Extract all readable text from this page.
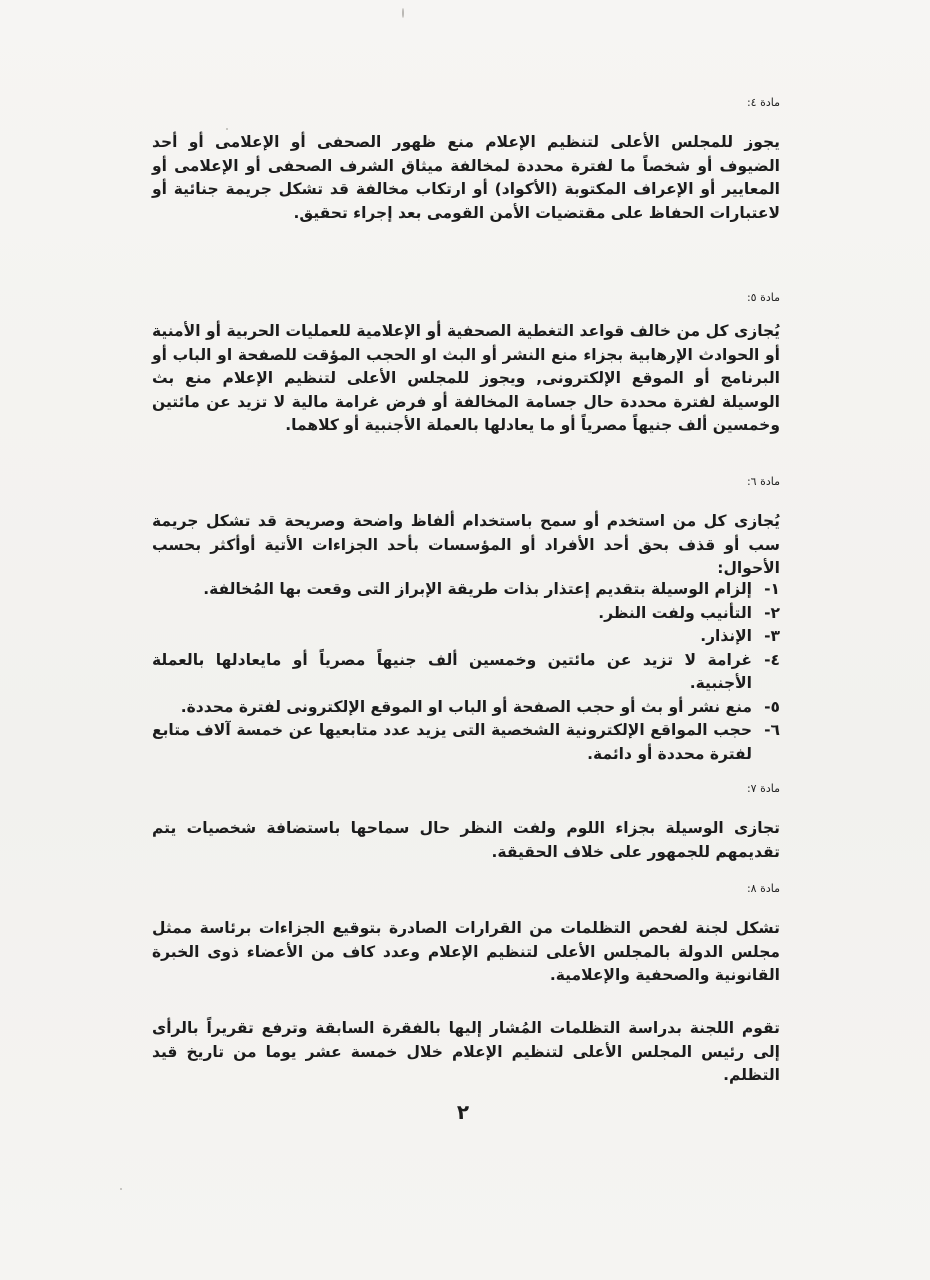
مادة ٤:
يجوز للمجلس الأعلى لتنظيم الإعلام منع ظهور الصحفى أو الإعلامى أو أحد الضيوف أو شخصاً ما لفترة محددة لمخالفة ميثاق الشرف الصحفى أو الإعلامى أو المعايير أو الإعراف المكتوبة (الأكواد) أو ارتكاب مخالفة قد تشكل جريمة جنائية أو لاعتبارات الحفاظ على مقتضيات الأمن القومى بعد إجراء تحقيق.
مادة ٥:
يُجازى كل من خالف قواعد التغطية الصحفية أو الإعلامية للعمليات الحربية أو الأمنية أو الحوادث الإرهابية بجزاء منع النشر أو البث او الحجب المؤقت للصفحة او الباب أو البرنامج أو الموقع الإلكترونى, ويجوز للمجلس الأعلى لتنظيم الإعلام منع بث الوسيلة لفترة محددة حال جسامة المخالفة أو فرض غرامة مالية لا تزيد عن مائتين وخمسين ألف جنيهاً مصرياً أو ما يعادلها بالعملة الأجنبية أو كلاهما.
مادة ٦:
يُجازى كل من استخدم أو سمح باستخدام ألفاظ واضحة وصريحة قد تشكل جريمة سب أو قذف بحق أحد الأفراد أو المؤسسات بأحد الجزاءات الأتية أوأكثر بحسب الأحوال:
١-
إلزام الوسيلة بتقديم إعتذار بذات طريقة الإبراز التى وقعت بها المُخالفة.
٢-
التأنيب ولفت النظر.
٣-
الإنذار.
٤-
غرامة لا تزيد عن مائتين وخمسين ألف جنيهاً مصرياً أو مايعادلها بالعملة الأجنبية.
٥-
منع نشر أو بث أو حجب الصفحة أو الباب او الموقع الإلكترونى لفترة محددة.
٦-
حجب المواقع الإلكترونية الشخصية التى يزيد عدد متابعيها عن خمسة آلاف متابع لفترة محددة أو دائمة.
مادة ٧:
تجازى الوسيلة بجزاء اللوم ولفت النظر حال سماحها باستضافة شخصيات يتم تقديمهم للجمهور على خلاف الحقيقة.
مادة ٨:
تشكل لجنة لفحص التظلمات من القرارات الصادرة بتوقيع الجزاءات برئاسة ممثل مجلس الدولة بالمجلس الأعلى لتنظيم الإعلام وعدد كاف من الأعضاء ذوى الخبرة القانونية والصحفية والإعلامية.
تقوم اللجنة بدراسة التظلمات المُشار إليها بالفقرة السابقة وترفع تقريراً بالرأى إلى رئيس المجلس الأعلى لتنظيم الإعلام خلال خمسة عشر يوما من تاريخ قيد التظلم.
٢
